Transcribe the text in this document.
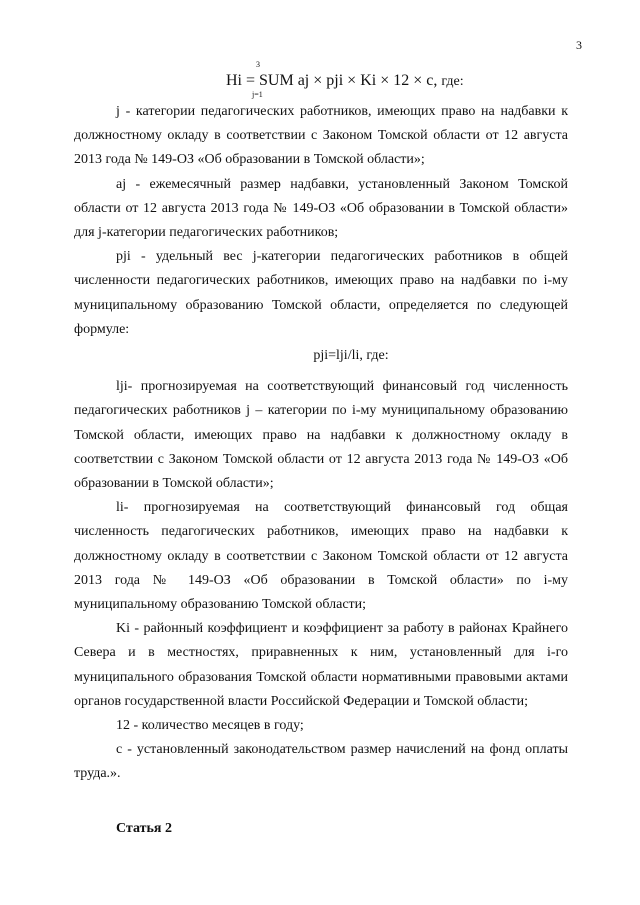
3
3
Hi = SUM aj × pji × Ki × 12 × c, где:
j=1

j - категории педагогических работников, имеющих право на надбавки к должностному окладу в соответствии с Законом Томской области от 12 августа 2013 года № 149-ОЗ «Об образовании в Томской области»;

aj - ежемесячный размер надбавки, установленный Законом Томской области от 12 августа 2013 года № 149-ОЗ «Об образовании в Томской области» для j-категории педагогических работников;

pji - удельный вес j-категории педагогических работников в общей численности педагогических работников, имеющих право на надбавки по i-му муниципальному образованию Томской области, определяется по следующей формуле:

pji=lji/li, где:

lji- прогнозируемая на соответствующий финансовый год численность педагогических работников j – категории по i-му муниципальному образованию Томской области, имеющих право на надбавки к должностному окладу в соответствии с Законом Томской области от 12 августа 2013 года № 149-ОЗ «Об образовании в Томской области»;

li- прогнозируемая на соответствующий финансовый год общая численность педагогических работников, имеющих право на надбавки к должностному окладу в соответствии с Законом Томской области от 12 августа 2013 года № 149-ОЗ «Об образовании в Томской области» по i-му муниципальному образованию Томской области;

Ki - районный коэффициент и коэффициент за работу в районах Крайнего Севера и в местностях, приравненных к ним, установленный для i-го муниципального образования Томской области нормативными правовыми актами органов государственной власти Российской Федерации и Томской области;

12 - количество месяцев в году;

c - установленный законодательством размер начислений на фонд оплаты труда.».

Статья 2
